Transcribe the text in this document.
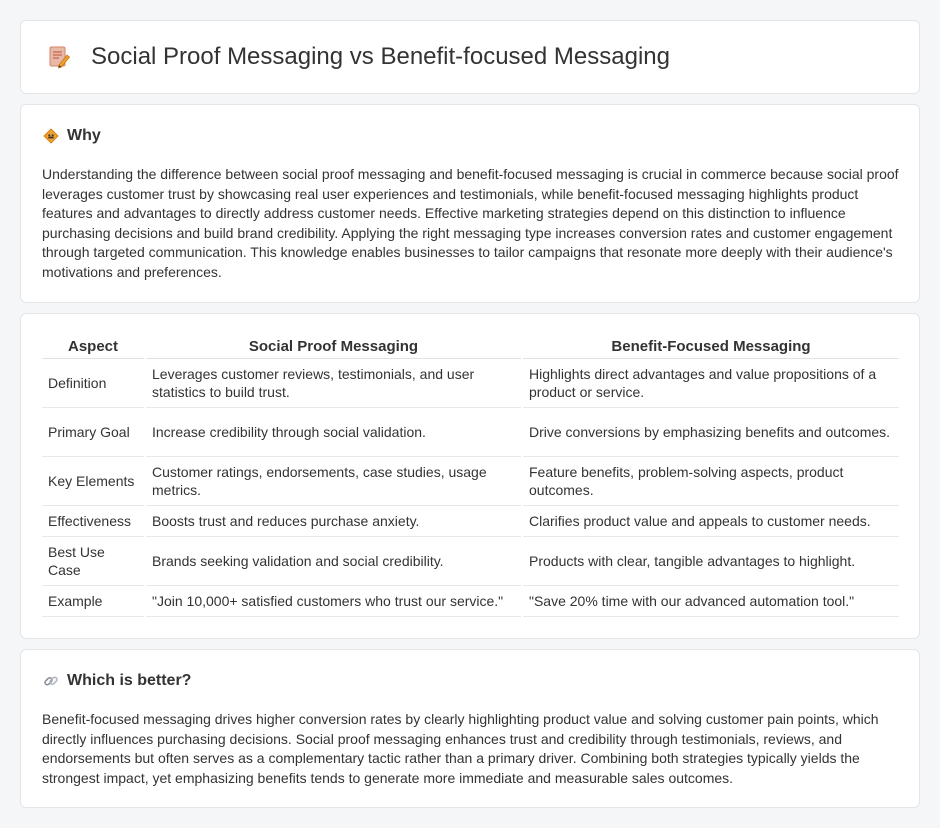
Social Proof Messaging vs Benefit-focused Messaging
Why

Understanding the difference between social proof messaging and benefit-focused messaging is crucial in commerce because social proof leverages customer trust by showcasing real user experiences and testimonials, while benefit-focused messaging highlights product features and advantages to directly address customer needs. Effective marketing strategies depend on this distinction to influence purchasing decisions and build brand credibility. Applying the right messaging type increases conversion rates and customer engagement through targeted communication. This knowledge enables businesses to tailor campaigns that resonate more deeply with their audience's motivations and preferences.

Aspect	Social Proof Messaging	Benefit-Focused Messaging
Definition	Leverages customer reviews, testimonials, and user statistics to build trust.	Highlights direct advantages and value propositions of a product or service.
Primary Goal	Increase credibility through social validation.	Drive conversions by emphasizing benefits and outcomes.
Key Elements	Customer ratings, endorsements, case studies, usage metrics.	Feature benefits, problem-solving aspects, product outcomes.
Effectiveness	Boosts trust and reduces purchase anxiety.	Clarifies product value and appeals to customer needs.
Best Use Case	Brands seeking validation and social credibility.	Products with clear, tangible advantages to highlight.
Example	"Join 10,000+ satisfied customers who trust our service."	"Save 20% time with our advanced automation tool."
Which is better?

Benefit-focused messaging drives higher conversion rates by clearly highlighting product value and solving customer pain points, which directly influences purchasing decisions. Social proof messaging enhances trust and credibility through testimonials, reviews, and endorsements but often serves as a complementary tactic rather than a primary driver. Combining both strategies typically yields the strongest impact, yet emphasizing benefits tends to generate more immediate and measurable sales outcomes.
